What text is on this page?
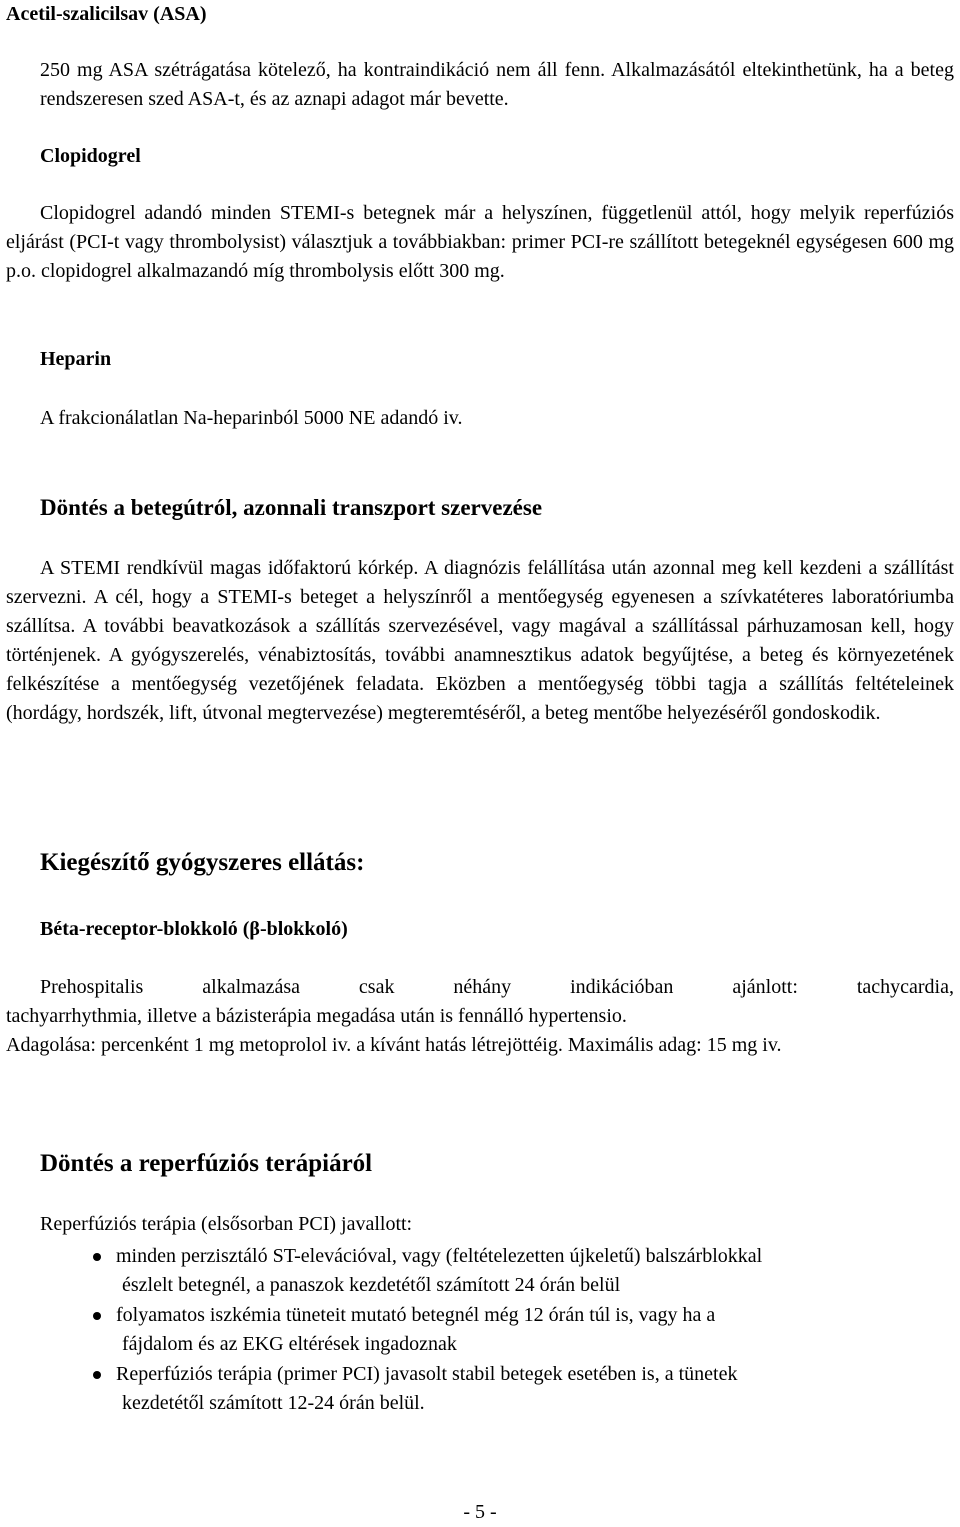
Acetil-szalicilsav (ASA)

250 mg ASA szétrágatása kötelező, ha kontraindikáció nem áll fenn. Alkalmazásától eltekinthetünk, ha a beteg rendszeresen szed ASA-t, és az aznapi adagot már bevette.

Clopidogrel

Clopidogrel adandó minden STEMI-s betegnek már a helyszínen, függetlenül attól, hogy melyik reperfúziós eljárást (PCI-t vagy thrombolysist) választjuk a továbbiakban: primer PCI-re szállított betegeknél egységesen 600 mg p.o. clopidogrel alkalmazandó míg thrombolysis előtt 300 mg.

Heparin

A frakcionálatlan Na-heparinból 5000 NE adandó iv.

Döntés a betegútról, azonnali transzport szervezése

A STEMI rendkívül magas időfaktorú kórkép. A diagnózis felállítása után azonnal meg kell kezdeni a szállítást szervezni. A cél, hogy a STEMI-s beteget a helyszínről a mentőegység egyenesen a szívkatéteres laboratóriumba szállítsa. A további beavatkozások a szállítás szervezésével, vagy magával a szállítással párhuzamosan kell, hogy történjenek. A gyógyszerelés, vénabiztosítás, további anamnesztikus adatok begyűjtése, a beteg és környezetének felkészítése a mentőegység vezetőjének feladata. Eközben a mentőegység többi tagja a szállítás feltételeinek (hordágy, hordszék, lift, útvonal megtervezése) megteremtéséről, a beteg mentőbe helyezéséről gondoskodik.

Kiegészítő gyógyszeres ellátás:

Béta-receptor-blokkoló (β-blokkoló)

Prehospitalis alkalmazása csak néhány indikációban ajánlott: tachycardia,

tachyarrhythmia, illetve a bázisterápia megadása után is fennálló hypertensio.

Adagolása: percenként 1 mg metoprolol iv. a kívánt hatás létrejöttéig. Maximális adag: 15 mg iv.

Döntés a reperfúziós terápiáról

Reperfúziós terápia (elsősorban PCI) javallott:

minden perzisztáló ST-elevációval, vagy (feltételezetten újkeletű) balszárblokkal
észlelt betegnél, a panaszok kezdetétől számított 24 órán belül
folyamatos iszkémia tüneteit mutató betegnél még 12 órán túl is, vagy ha a
fájdalom és az EKG eltérések ingadoznak
Reperfúziós terápia (primer PCI) javasolt stabil betegek esetében is, a tünetek
kezdetétől számított 12-24 órán belül.
- 5 -
